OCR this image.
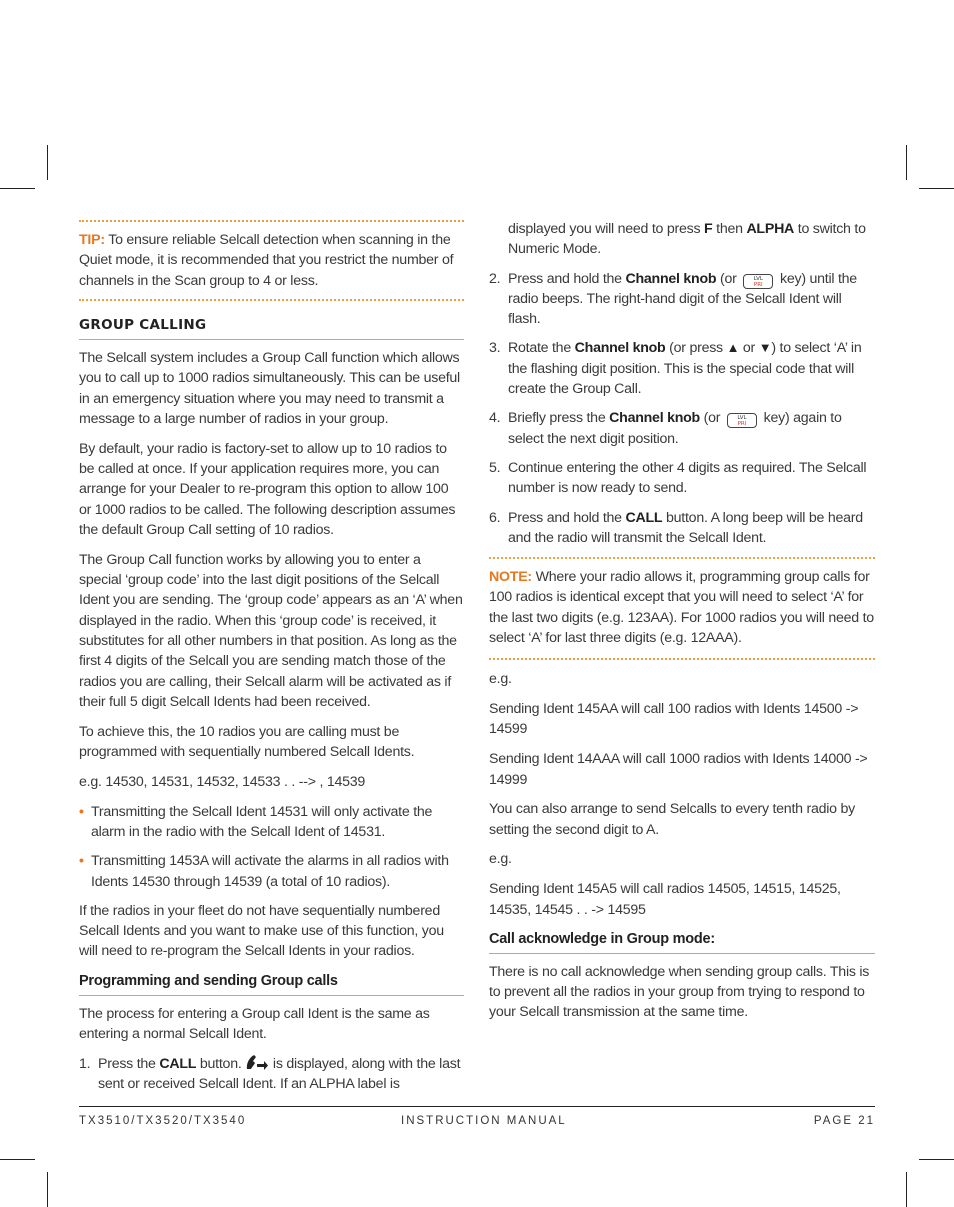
TIP: To ensure reliable Selcall detection when scanning in the Quiet mode, it is recommended that you restrict the number of channels in the Scan group to 4 or less.
GROUP CALLING

The Selcall system includes a Group Call function which allows you to call up to 1000 radios simultaneously. This can be useful in an emergency situation where you may need to transmit a message to a large number of radios in your group.

By default, your radio is factory-set to allow up to 10 radios to be called at once. If your application requires more, you can arrange for your Dealer to re-program this option to allow 100 or 1000 radios to be called. The following description assumes the default Group Call setting of 10 radios.

The Group Call function works by allowing you to enter a special ‘group code’ into the last digit positions of the Selcall Ident you are sending. The ‘group code’ appears as an ‘A’ when displayed in the radio. When this ‘group code’ is received, it substitutes for all other numbers in that position. As long as the first 4 digits of the Selcall you are sending match those of the radios you are calling, their Selcall alarm will be activated as if their full 5 digit Selcall Idents had been received.

To achieve this, the 10 radios you are calling must be programmed with sequentially numbered Selcall Idents.

e.g. 14530, 14531, 14532, 14533 . . --> , 14539

• Transmitting the Selcall Ident 14531 will only activate the alarm in the radio with the Selcall Ident of 14531.
• Transmitting 1453A will activate the alarms in all radios with Idents 14530 through 14539 (a total of 10 radios).

If the radios in your fleet do not have sequentially numbered Selcall Idents and you want to make use of this function, you will need to re-program the Selcall Idents in your radios.

Programming and sending Group calls

The process for entering a Group call Ident is the same as entering a normal Selcall Ident.

1. Press the CALL button.  is displayed, along with the last sent or received Selcall Ident. If an ALPHA label is
displayed you will need to press F then ALPHA to switch to Numeric Mode.
2. Press and hold the Channel knob (or LVL
PRI key) until the radio beeps. The right-hand digit of the Selcall Ident will flash.
3. Rotate the Channel knob (or press ▲ or ▼) to select ‘A’ in the flashing digit position. This is the special code that will create the Group Call.
4. Briefly press the Channel knob (or LVL
PRI key) again to select the next digit position.
5. Continue entering the other 4 digits as required. The Selcall number is now ready to send.
6. Press and hold the CALL button. A long beep will be heard and the radio will transmit the Selcall Ident.
NOTE: Where your radio allows it, programming group calls for 100 radios is identical except that you will need to select ‘A’ for the last two digits (e.g. 123AA). For 1000 radios you will need to select ‘A’ for last three digits (e.g. 12AAA).

e.g.

Sending Ident 145AA will call 100 radios with Idents 14500 -> 14599

Sending Ident 14AAA will call 1000 radios with Idents 14000 -> 14999

You can also arrange to send Selcalls to every tenth radio by setting the second digit to A.

e.g.

Sending Ident 145A5 will call radios 14505, 14515, 14525, 14535, 14545 . . -> 14595

Call acknowledge in Group mode:

There is no call acknowledge when sending group calls. This is to prevent all the radios in your group from trying to respond to your Selcall transmission at the same time.

TX3510/TX3520/TX3540	INSTRUCTION MANUAL	PAGE 21
